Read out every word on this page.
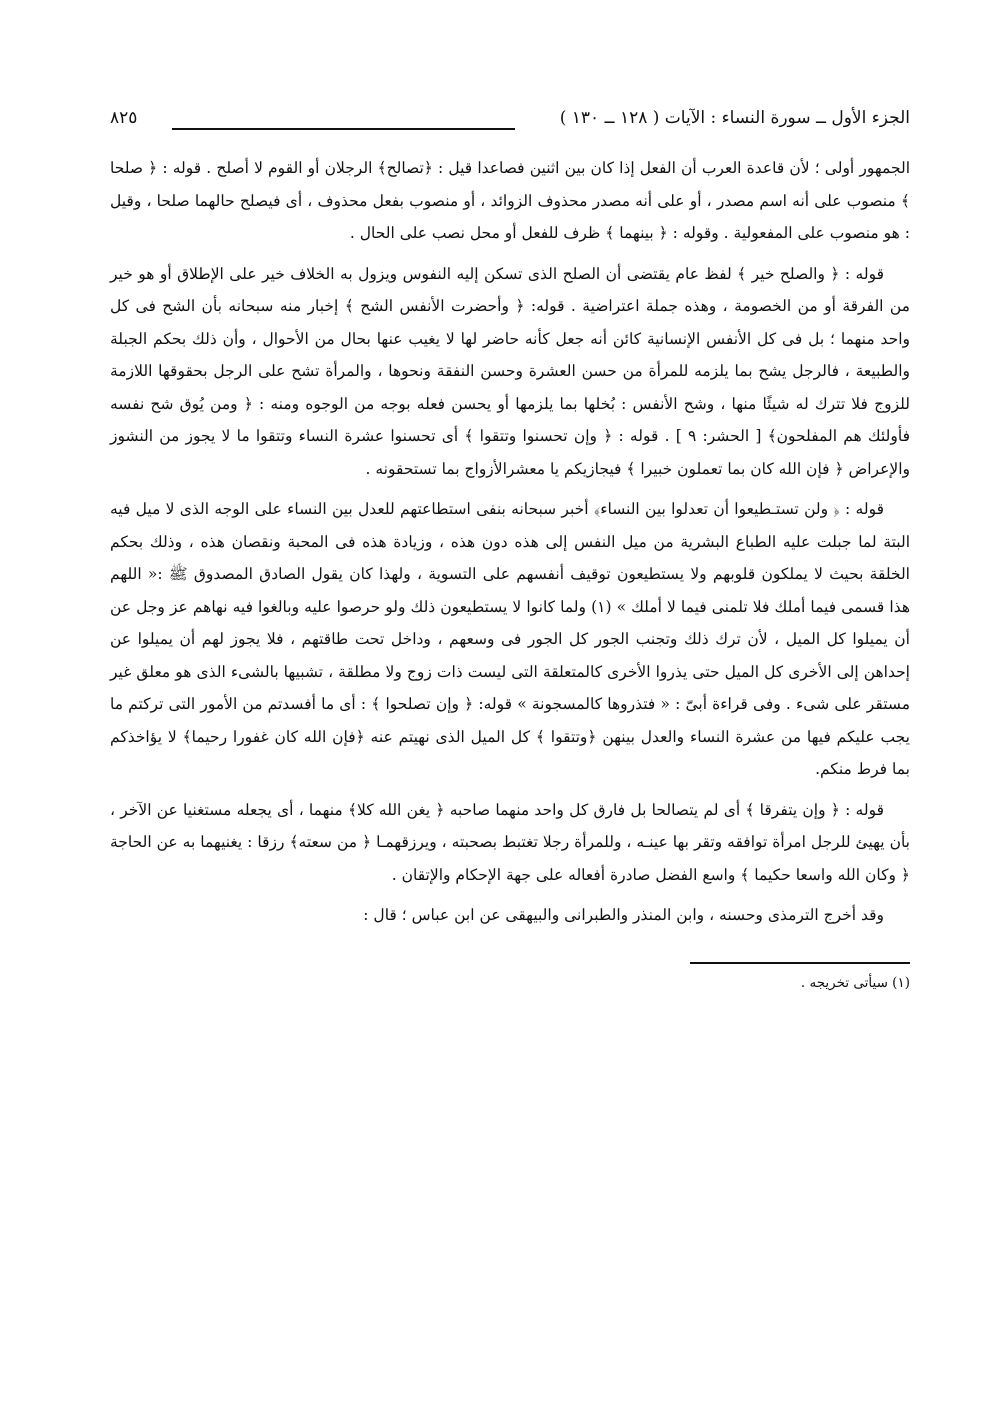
الجزء الأول ــ سورة النساء : الآيات ( ١٢٨ ــ ١٣٠ )
٨٢٥

الجمهور أولى ؛ لأن قاعدة العرب أن الفعل إذا كان بين اثنين فصاعدا قيل : ﴿تصالح﴾ الرجلان أو القوم لا أصلح . قوله : ﴿ صلحا ﴾ منصوب على أنه اسم مصدر ، أو على أنه مصدر محذوف الزوائد ، أو منصوب بفعل محذوف ، أى فيصلح حالهما صلحا ، وقيل : هو منصوب على المفعولية . وقوله : ﴿ بينهما ﴾ ظرف للفعل أو محل نصب على الحال .

قوله : ﴿ والصلح خير ﴾ لفظ عام يقتضى أن الصلح الذى تسكن إليه النفوس ويزول به الخلاف خير على الإطلاق أو هو خير من الفرقة أو من الخصومة ، وهذه جملة اعتراضية . قوله: ﴿ وأحضرت الأنفس الشح ﴾ إخبار منه سبحانه بأن الشح فى كل واحد منهما ؛ بل فى كل الأنفس الإنسانية كائن أنه جعل كأنه حاضر لها لا يغيب عنها بحال من الأحوال ، وأن ذلك بحكم الجبلة والطبيعة ، فالرجل يشح بما يلزمه للمرأة من حسن العشرة وحسن النفقة ونحوها ، والمرأة تشح على الرجل بحقوقها اللازمة للزوج فلا تترك له شيئًا منها ، وشح الأنفس : بُخلها بما يلزمها أو يحسن فعله بوجه من الوجوه ومنه : ﴿ ومن يُوق شح نفسه فأولئك هم المفلحون﴾ [ الحشر: ٩ ] . قوله : ﴿ وإن تحسنوا وتتقوا ﴾ أى تحسنوا عشرة النساء وتتقوا ما لا يجوز من النشوز والإعراض ﴿ فإن الله كان بما تعملون خبيرا ﴾ فيجازيكم يا معشرالأزواج بما تستحقونه .

قوله : ﴿ ولن تستـطيعوا أن تعدلوا بين النساء﴾ أخبر سبحانه بنفى استطاعتهم للعدل بين النساء على الوجه الذى لا ميل فيه البتة لما جبلت عليه الطباع البشرية من ميل النفس إلى هذه دون هذه ، وزيادة هذه فى المحبة ونقصان هذه ، وذلك بحكم الخلقة بحيث لا يملكون قلوبهم ولا يستطيعون توقيف أنفسهم على التسوية ، ولهذا كان يقول الصادق المصدوق ﷺ :« اللهم هذا قسمى فيما أملك فلا تلمنى فيما لا أملك » (١) ولما كانوا لا يستطيعون ذلك ولو حرصوا عليه وبالغوا فيه نهاهم عز وجل عن أن يميلوا كل الميل ، لأن ترك ذلك وتجنب الجور كل الجور فى وسعهم ، وداخل تحت طاقتهم ، فلا يجوز لهم أن يميلوا عن إحداهن إلى الأخرى كل الميل حتى يذروا الأخرى كالمتعلقة التى ليست ذات زوج ولا مطلقة ، تشبيها بالشىء الذى هو معلق غير مستقر على شىء . وفى قراءة أبىّ : « فتذروها كالمسجونة » قوله: ﴿ وإن تصلحوا ﴾ : أى ما أفسدتم من الأمور التى تركتم ما يجب عليكم فيها من عشرة النساء والعدل بينهن ﴿وتتقوا ﴾ كل الميل الذى نهيتم عنه ﴿فإن الله كان غفورا رحيما﴾ لا يؤاخذكم بما فرط منكم.

قوله : ﴿ وإن يتفرقا ﴾ أى لم يتصالحا بل فارق كل واحد منهما صاحبه ﴿ يغن الله كلا﴾ منهما ، أى يجعله مستغنيا عن الآخر ، بأن يهيئ للرجل امرأة توافقه وتقر بها عينـه ، وللمرأة رجلا تغتبط بصحبته ، ويرزقهمـا ﴿ من سعته﴾ رزقا : يغنيهما به عن الحاجة ﴿ وكان الله واسعا حكيما ﴾ واسع الفضل صادرة أفعاله على جهة الإحكام والإتقان .

وقد أخرج الترمذى وحسنه ، وابن المنذر والطبرانى والبيهقى عن ابن عباس ؛ قال :

(١) سيأتى تخريجه .
